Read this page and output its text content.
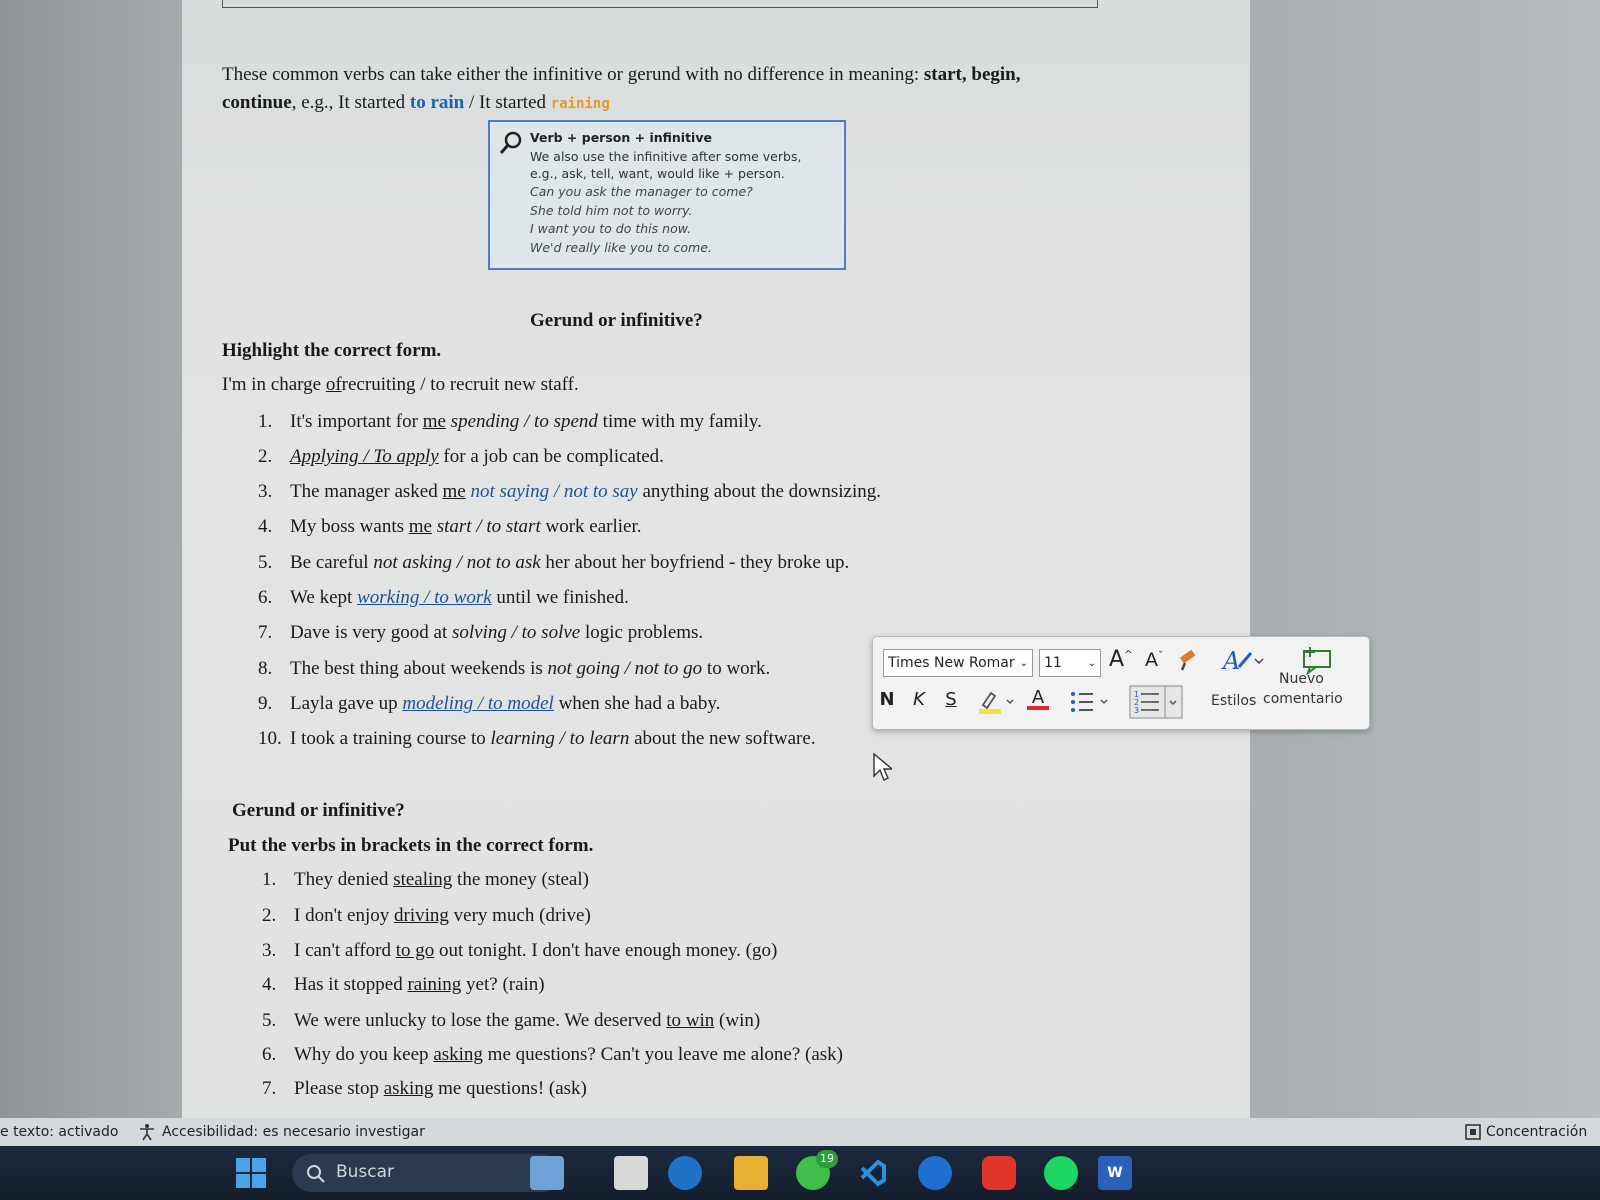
These common verbs can take either the infinitive or gerund with no difference in meaning: start, begin,
continue, e.g., It started to rain / It started raining
Verb + person + infinitive
We also use the infinitive after some verbs,
e.g., ask, tell, want, would like + person.
Can you ask the manager to come?
She told him not to worry.
I want you to do this now.
We'd really like you to come.
Gerund or infinitive?
Highlight the correct form.
I'm in charge ofrecruiting / to recruit new staff.
1. It's important for me spending / to spend time with my family.
2. Applying / To apply for a job can be complicated.
3. The manager asked me not saying / not to say anything about the downsizing.
4. My boss wants me start / to start work earlier.
5. Be careful not asking / not to ask her about her boyfriend - they broke up.
6. We kept working / to work until we finished.
7. Dave is very good at solving / to solve logic problems.
8. The best thing about weekends is not going / not to go to work.
9. Layla gave up modeling / to model when she had a baby.
10. I took a training course to learning / to learn about the new software.
Gerund or infinitive?
Put the verbs in brackets in the correct form.
1. They denied stealing the money (steal)
2. I don't enjoy driving very much (drive)
3. I can't afford to go out tonight. I don't have enough money. (go)
4. Has it stopped raining yet? (rain)
5. We were unlucky to lose the game. We deserved to win (win)
6. Why do you keep asking me questions? Can't you leave me alone? (ask)
7. Please stop asking me questions! (ask)
Times New Romar ⌄ 11	⌄ A^ $A^ˇ$	A
Nuevo
comentario
N	K	S	A	1
2
3
Estilos
e texto: activado	Accesibilidad: es necesario investigar	Concentración
Buscar
19
W
